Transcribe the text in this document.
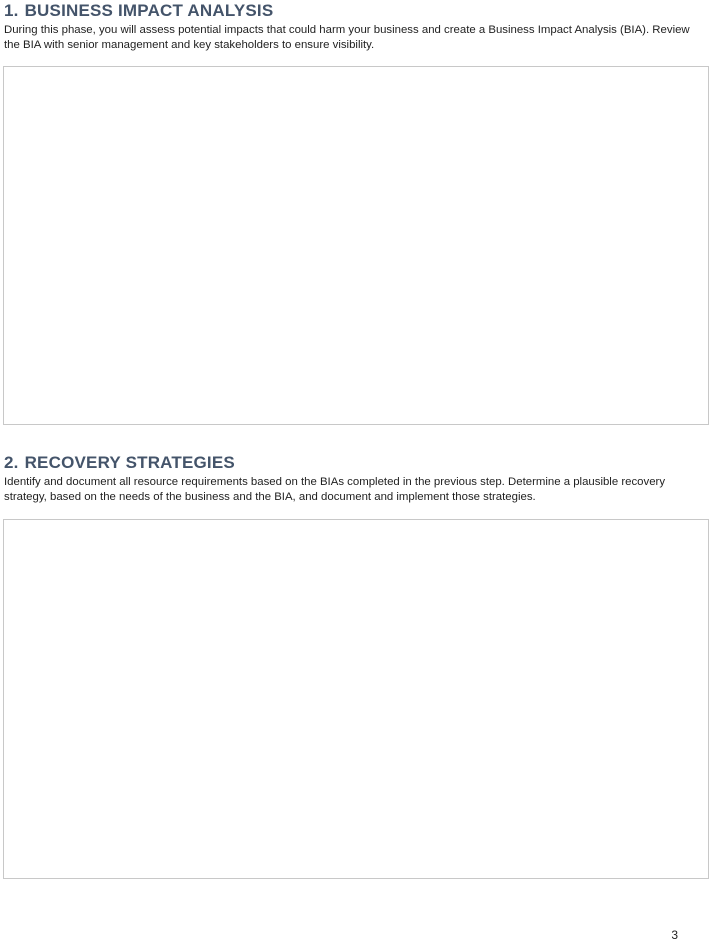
1. BUSINESS IMPACT ANALYSIS

During this phase, you will assess potential impacts that could harm your business and create a Business Impact Analysis (BIA). Review the BIA with senior management and key stakeholders to ensure visibility.

2. RECOVERY STRATEGIES

Identify and document all resource requirements based on the BIAs completed in the previous step. Determine a plausible recovery strategy, based on the needs of the business and the BIA, and document and implement those strategies.

3
